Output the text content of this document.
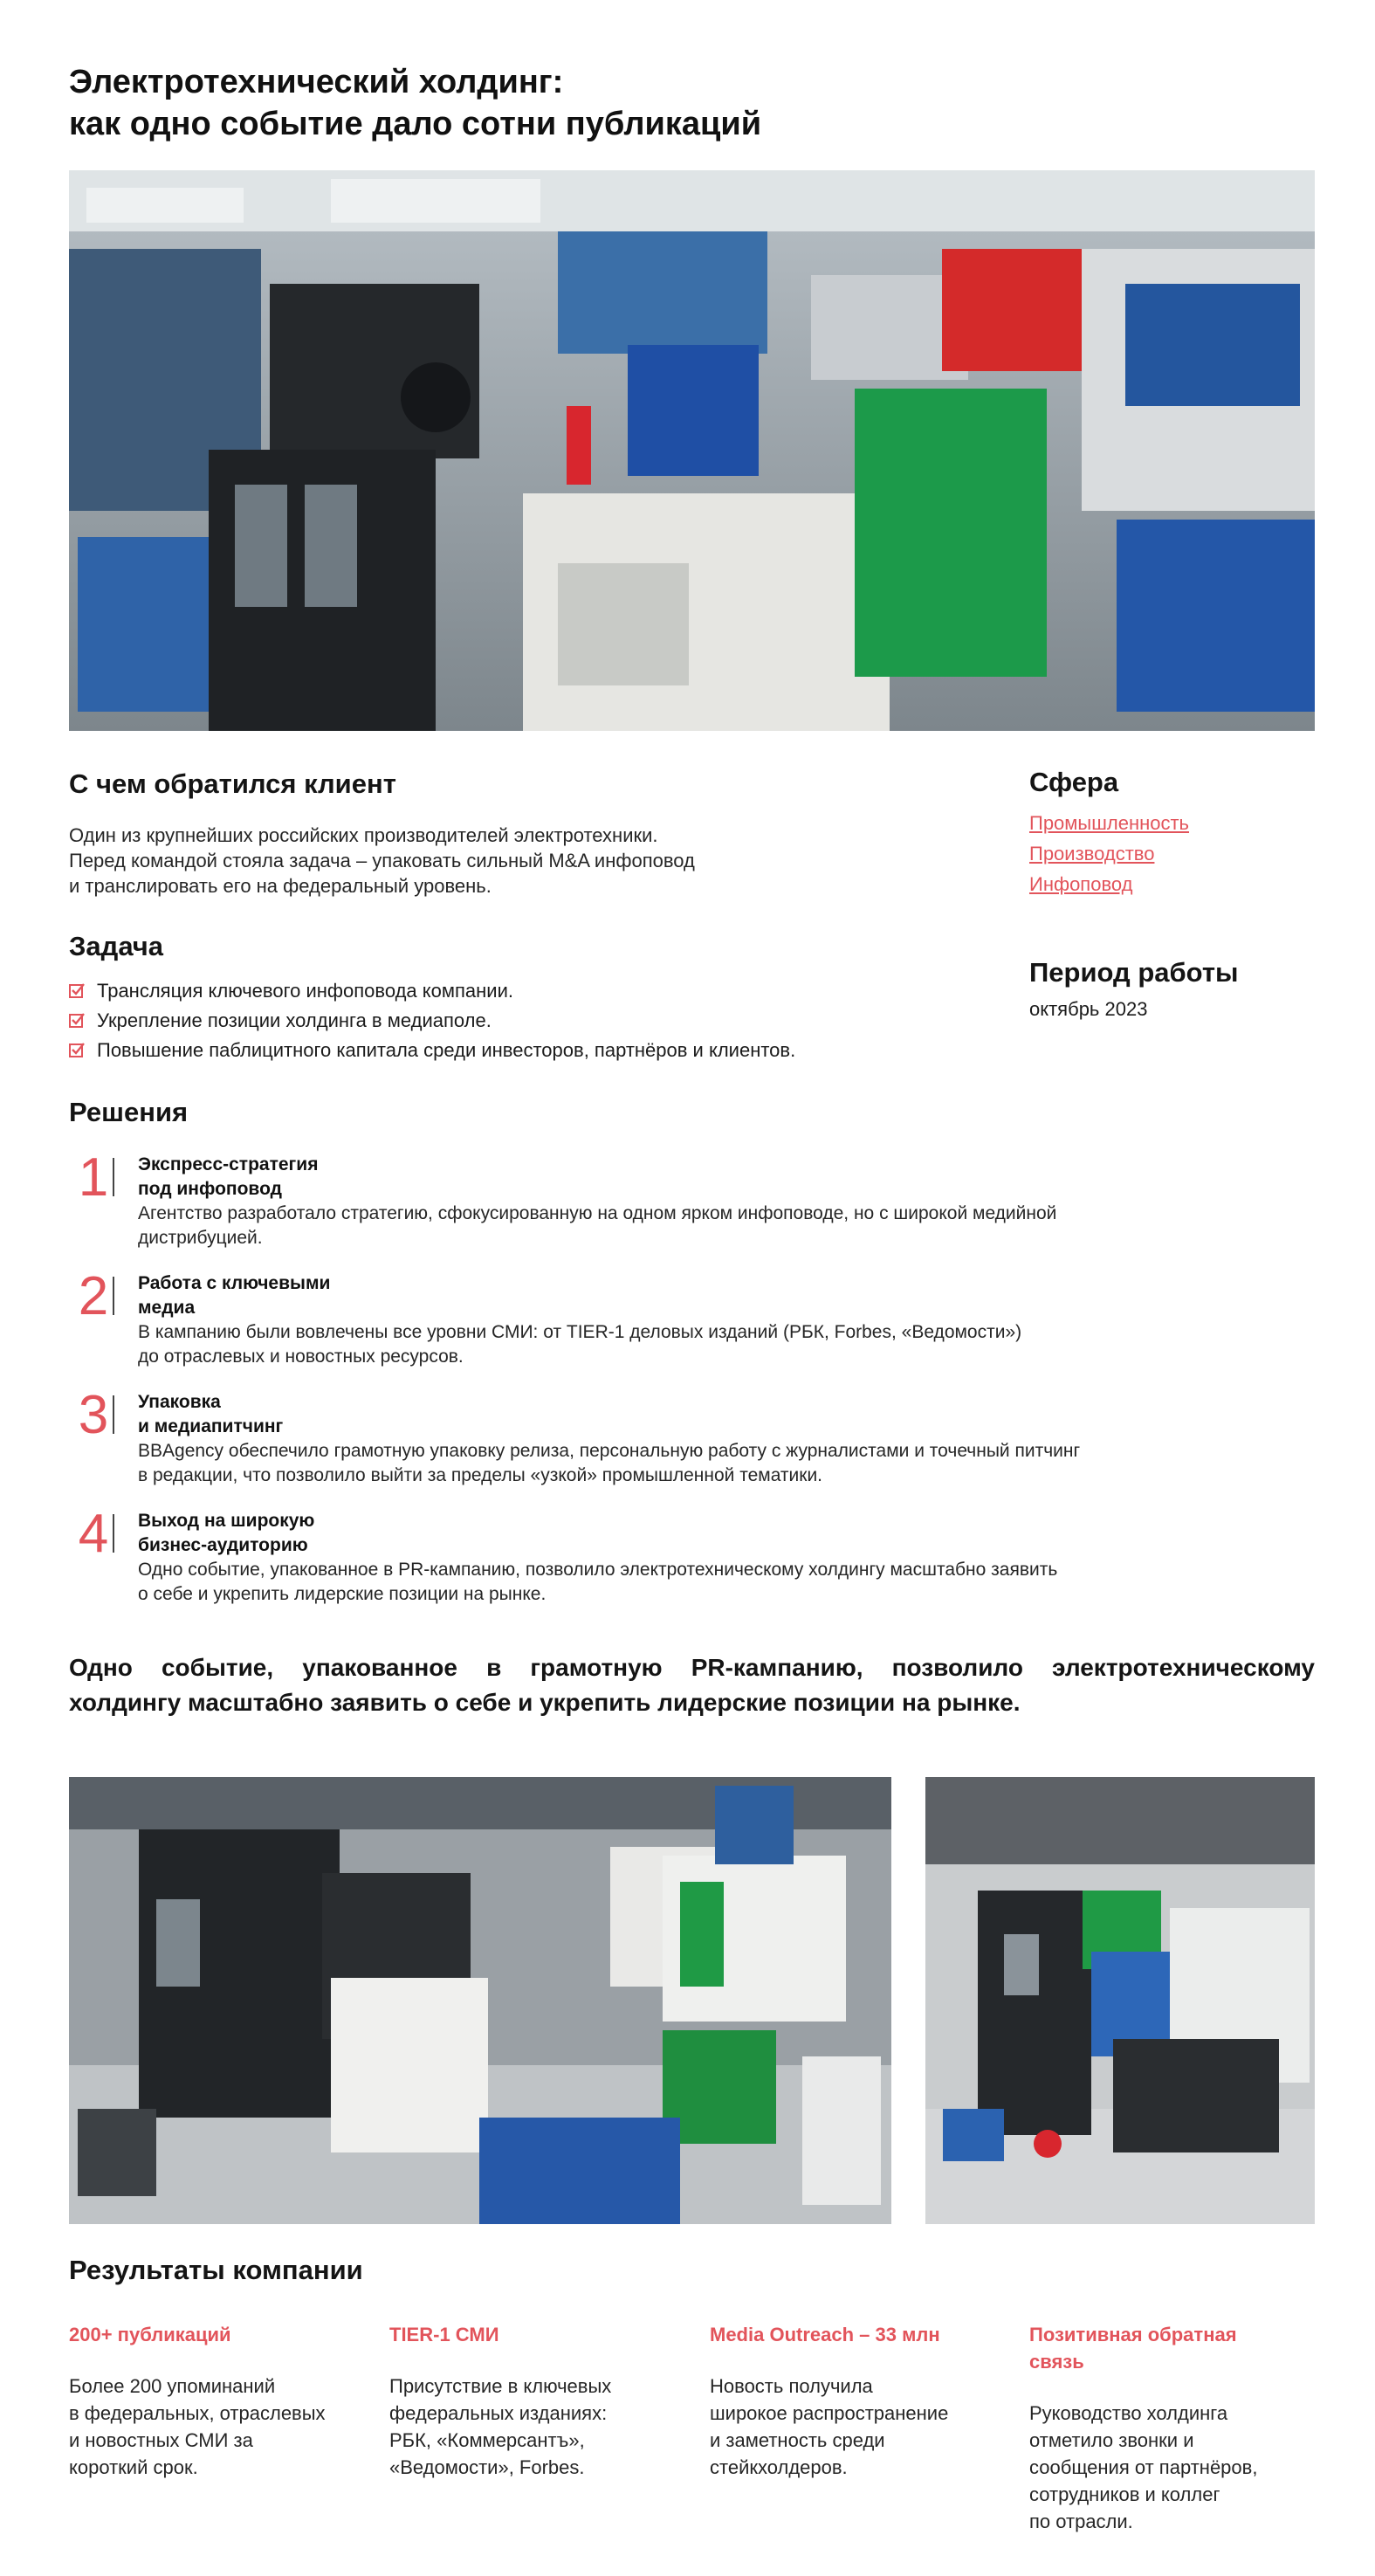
Электротехнический холдинг:
как одно событие дало сотни публикаций
С чем обратился клиент
Один из крупнейших российских производителей электротехники.
Перед командой стояла задача – упаковать сильный M&A инфоповод
и транслировать его на федеральный уровень.
Задача
Трансляция ключевого инфоповода компании.
Укрепление позиции холдинга в медиаполе.
Повышение паблицитного капитала среди инвесторов, партнёров и клиентов.
Сфера
Промышленность
Производство
Инфоповод
Период работы
октябрь 2023
Решения
1	Экспресс-стратегия
под инфоповод
Агентство разработало стратегию, сфокусированную на одном ярком инфоповоде, но с широкой медийной
дистрибуцией.
2	Работа с ключевыми
медиа
В кампанию были вовлечены все уровни СМИ: от TIER-1 деловых изданий (РБК, Forbes, «Ведомости»)
до отраслевых и новостных ресурсов.
3	Упаковка
и медиапитчинг
BBAgency обеспечило грамотную упаковку релиза, персональную работу с журналистами и точечный питчинг
в редакции, что позволило выйти за пределы «узкой» промышленной тематики.
4	Выход на широкую
бизнес-аудиторию
Одно событие, упакованное в PR-кампанию, позволило электротехническому холдингу масштабно заявить
о себе и укрепить лидерские позиции на рынке.

Одно событие, упакованное в грамотную PR-кампанию, позволило электротехническому
холдингу масштабно заявить о себе и укрепить лидерские позиции на рынке.

Результаты компании
200+ публикаций
Более 200 упоминаний
в федеральных, отраслевых
и новостных СМИ за
короткий срок.
TIER-1 СМИ
Присутствие в ключевых
федеральных изданиях:
РБК, «Коммерсантъ»,
«Ведомости», Forbes.
Media Outreach – 33 млн
Новость получила
широкое распространение
и заметность среди
стейкхолдеров.
Позитивная обратная
связь
Руководство холдинга
отметило звонки и
сообщения от партнёров,
сотрудников и коллег
по отрасли.
